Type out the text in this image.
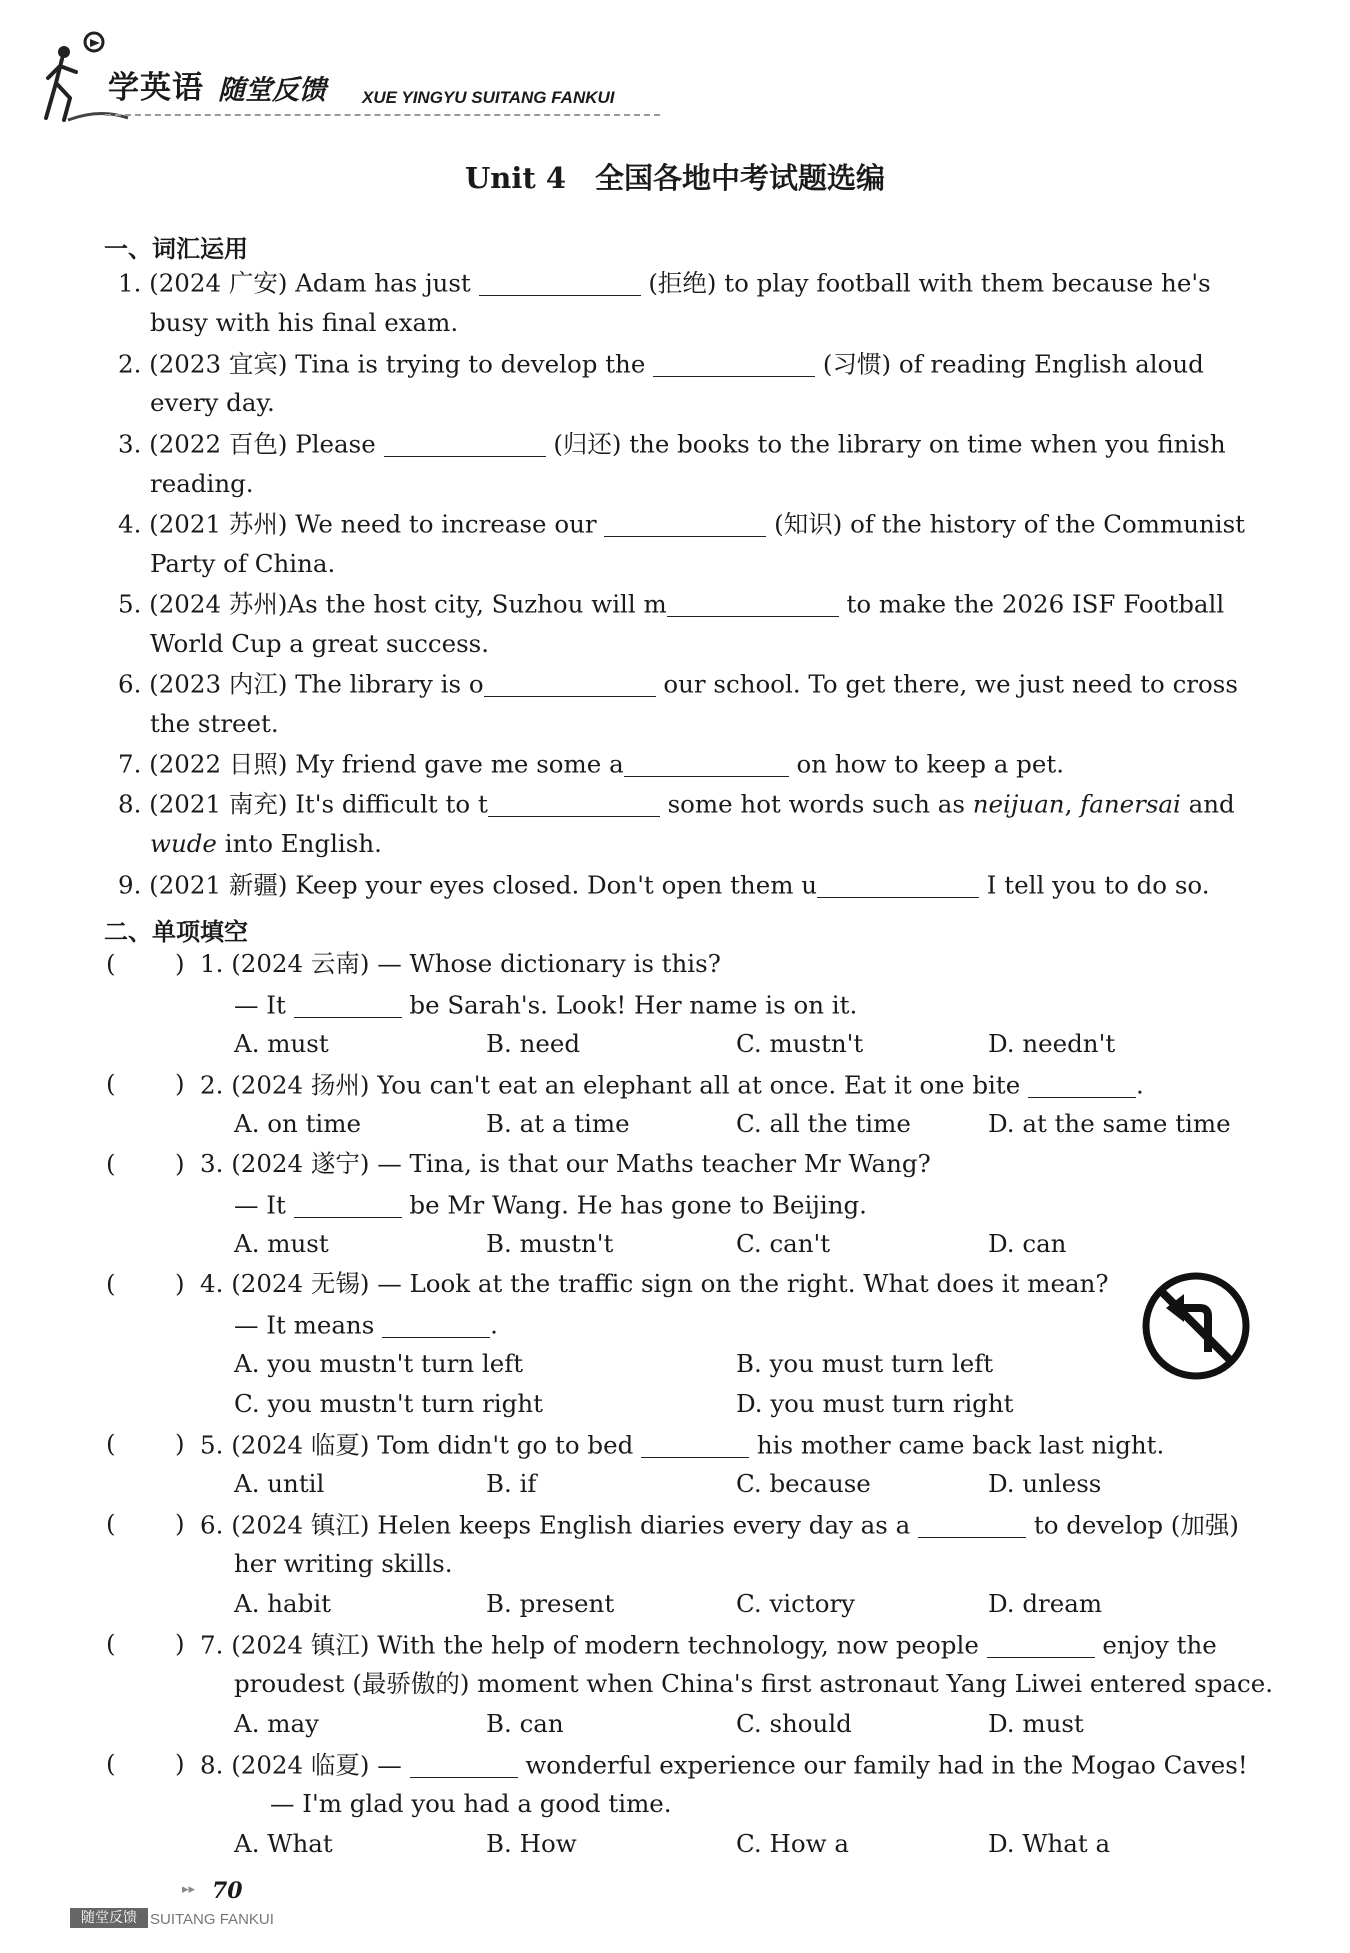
学英语 随堂反馈 XUE YINGYU SUITANG FANKUI
Unit 4　全国各地中考试题选编
一、词汇运用
1. (2024 广安) Adam has just	(拒绝) to play football with them because he's
busy with his final exam.
2. (2023 宜宾) Tina is trying to develop the	(习惯) of reading English aloud
every day.
3. (2022 百色) Please	(归还) the books to the library on time when you finish
reading.
4. (2021 苏州) We need to increase our	(知识) of the history of the Communist
Party of China.
5. (2024 苏州)As the host city, Suzhou will m	to make the 2026 ISF Football
World Cup a great success.
6. (2023 内江) The library is o	our school. To get there, we just need to cross
the street.
7. (2022 日照) My friend gave me some a	on how to keep a pet.
8. (2021 南充) It's difficult to t	some hot words such as neijuan, fanersai and
wude into English.
9. (2021 新疆) Keep your eyes closed. Don't open them u	I tell you to do so.
二、单项填空
( ) 1. (2024 云南) — Whose dictionary is this?
— It	be Sarah's. Look! Her name is on it.
A. must	B. need	C. mustn't	D. needn't
( ) 2. (2024 扬州) You can't eat an elephant all at once. Eat it one bite	.
A. on time	B. at a time	C. all the time	D. at the same time
( ) 3. (2024 遂宁) — Tina, is that our Maths teacher Mr Wang?
— It	be Mr Wang. He has gone to Beijing.
A. must	B. mustn't	C. can't	D. can
( ) 4. (2024 无锡) — Look at the traffic sign on the right. What does it mean?
— It means	.
A. you mustn't turn left	B. you must turn left
C. you mustn't turn right	D. you must turn right
( ) 5. (2024 临夏) Tom didn't go to bed	his mother came back last night.
A. until	B. if	C. because	D. unless
( ) 6. (2024 镇江) Helen keeps English diaries every day as a	to develop (加强)
her writing skills.
A. habit	B. present	C. victory	D. dream
( ) 7. (2024 镇江) With the help of modern technology, now people	enjoy the
proudest (最骄傲的) moment when China's first astronaut Yang Liwei entered space.
A. may	B. can	C. should	D. must
( ) 8. (2024 临夏) —	wonderful experience our family had in the Mogao Caves!
— I'm glad you had a good time.
A. What	B. How	C. How a	D. What a
▸▸ 70
随堂反馈 SUITANG FANKUI
